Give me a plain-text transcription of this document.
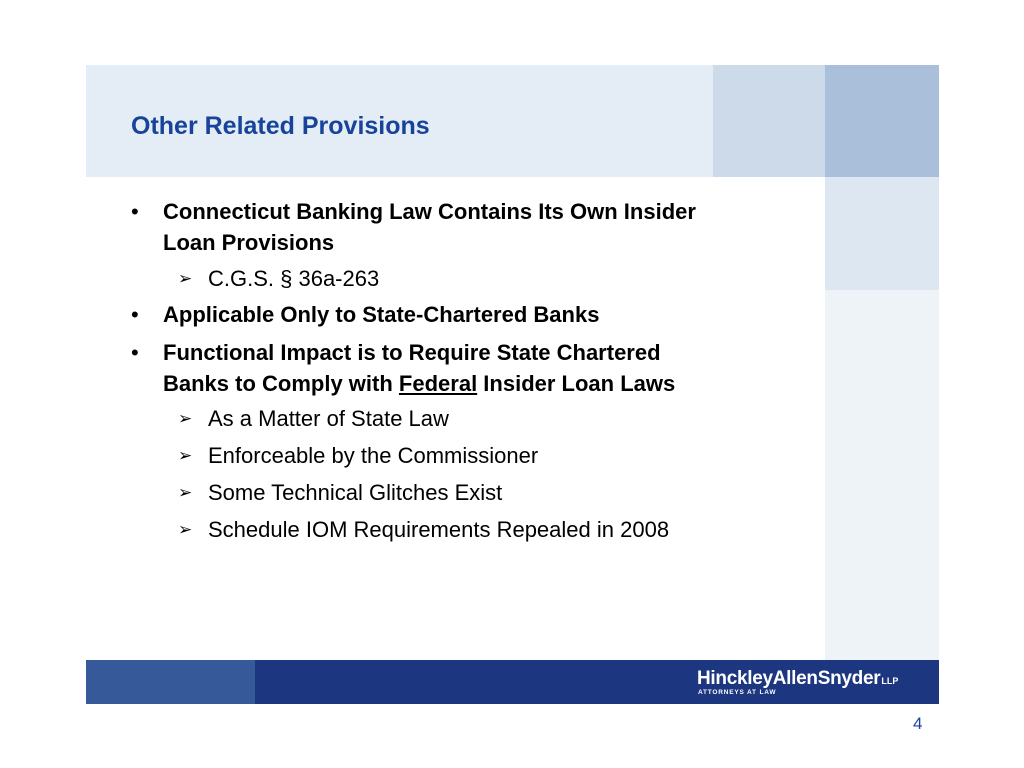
Other Related Provisions
• Connecticut Banking Law Contains Its Own Insider
Loan Provisions
➢ C.G.S. § 36a-263
• Applicable Only to State-Chartered Banks
• Functional Impact is to Require State Chartered
Banks to Comply with Federal Insider Loan Laws
➢ As a Matter of State Law
➢ Enforceable by the Commissioner
➢ Some Technical Glitches Exist
➢ Schedule IOM Requirements Repealed in 2008
HinckleyAllenSnyderLLP
ATTORNEYS AT LAW
4
